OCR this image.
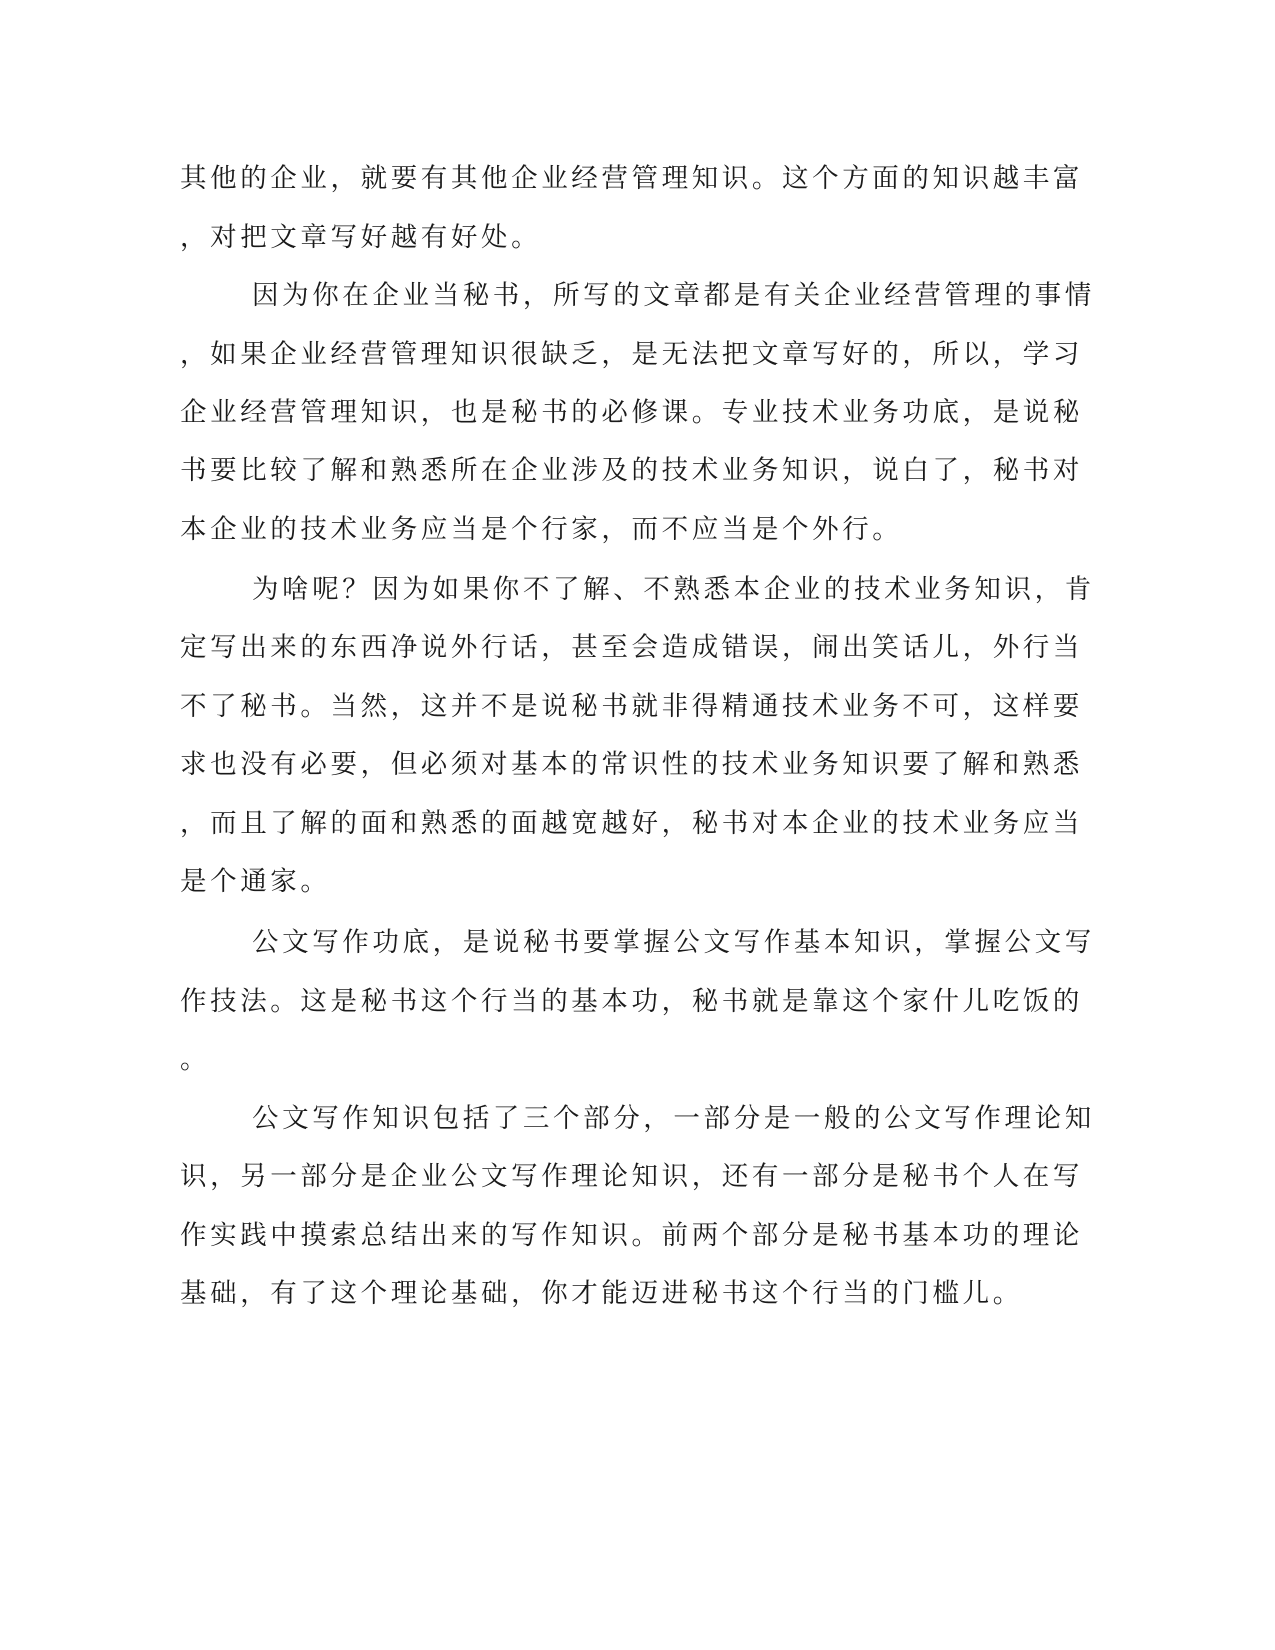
其他的企业，就要有其他企业经营管理知识。这个方面的知识越丰富
，对把文章写好越有好处。
因为你在企业当秘书，所写的文章都是有关企业经营管理的事情
，如果企业经营管理知识很缺乏，是无法把文章写好的，所以，学习
企业经营管理知识，也是秘书的必修课。专业技术业务功底，是说秘
书要比较了解和熟悉所在企业涉及的技术业务知识，说白了，秘书对
本企业的技术业务应当是个行家，而不应当是个外行。
为啥呢？因为如果你不了解、不熟悉本企业的技术业务知识，肯
定写出来的东西净说外行话，甚至会造成错误，闹出笑话儿，外行当
不了秘书。当然，这并不是说秘书就非得精通技术业务不可，这样要
求也没有必要，但必须对基本的常识性的技术业务知识要了解和熟悉
，而且了解的面和熟悉的面越宽越好，秘书对本企业的技术业务应当
是个通家。
公文写作功底，是说秘书要掌握公文写作基本知识，掌握公文写
作技法。这是秘书这个行当的基本功，秘书就是靠这个家什儿吃饭的
。
公文写作知识包括了三个部分，一部分是一般的公文写作理论知
识，另一部分是企业公文写作理论知识，还有一部分是秘书个人在写
作实践中摸索总结出来的写作知识。前两个部分是秘书基本功的理论
基础，有了这个理论基础，你才能迈进秘书这个行当的门槛儿。
